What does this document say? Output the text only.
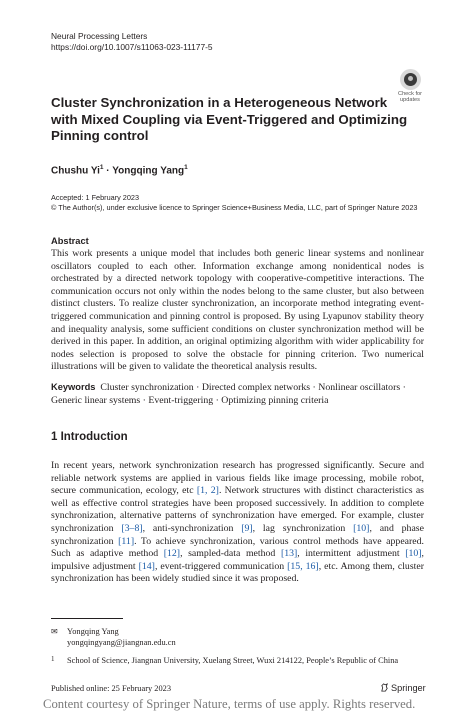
Neural Processing Letters
https://doi.org/10.1007/s11063-023-11177-5
Check for
updates
Cluster Synchronization in a Heterogeneous Network with Mixed Coupling via Event-Triggered and Optimizing Pinning control
Chushu $Yi^1$ · Yongqing Yang$^1$
Accepted: 1 February 2023
© The Author(s), under exclusive licence to Springer Science+Business Media, LLC, part of Springer Nature 2023
Abstract
This work presents a unique model that includes both generic linear systems and nonlinear oscillators coupled to each other. Information exchange among nonidentical nodes is orchestrated by a directed network topology with cooperative-competitive interactions. The communication occurs not only within the nodes belong to the same cluster, but also between distinct clusters. To realize cluster synchronization, an incorporate method integrating event-triggered communication and pinning control is proposed. By using Lyapunov stability theory and inequality analysis, some sufficient conditions on cluster synchronization method will be derived in this paper. In addition, an original optimizing algorithm with wider applicability for nodes selection is proposed to solve the obstacle for pinning criterion. Two numerical illustrations will be given to validate the theoretical analysis results.
Keywords Cluster synchronization · Directed complex networks · Nonlinear oscillators · Generic linear systems · Event-triggering · Optimizing pinning criteria
1 Introduction
In recent years, network synchronization research has progressed significantly. Secure and reliable network systems are applied in various fields like image processing, mobile robot, secure communication, ecology, etc [1, 2]. Network structures with distinct characteristics as well as effective control strategies have been proposed successively. In addition to complete synchronization, alternative patterns of synchronization have emerged. For example, cluster synchronization [3–8], anti-synchronization [9], lag synchronization [10], and phase synchronization [11]. To achieve synchronization, various control methods have appeared. Such as adaptive method [12], sampled-data method [13], intermittent adjustment [10], impulsive adjustment [14], event-triggered communication [15, 16], etc. Among them, cluster synchronization has been widely studied since it was proposed.
✉ Yongqing Yang
yongqingyang@jiangnan.edu.cn
1 School of Science, Jiangnan University, Xuelang Street, Wuxi 214122, People’s Republic of China
Published online: 25 February 2023	Springer
Content courtesy of Springer Nature, terms of use apply. Rights reserved.
